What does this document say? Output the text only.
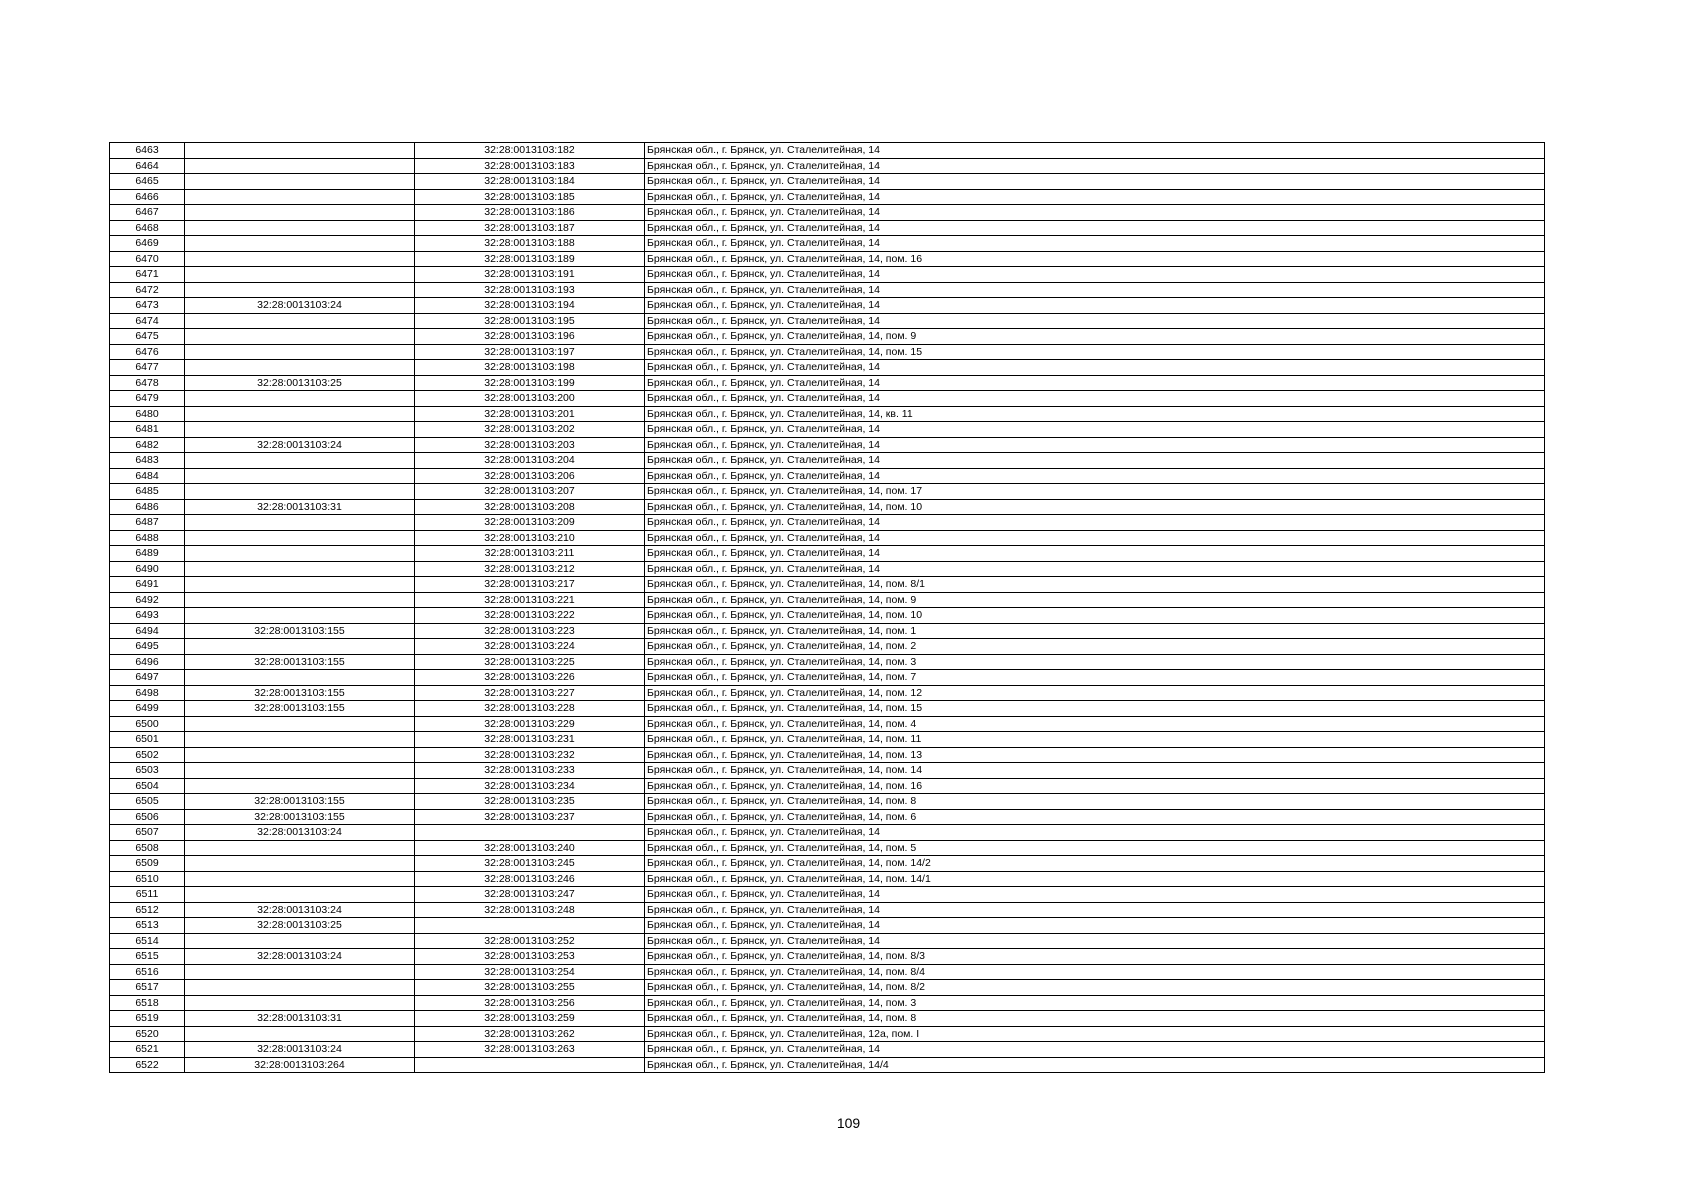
6463		32:28:0013103:182	Брянская обл., г. Брянск, ул. Сталелитейная, 14
6464		32:28:0013103:183	Брянская обл., г. Брянск, ул. Сталелитейная, 14
6465		32:28:0013103:184	Брянская обл., г. Брянск, ул. Сталелитейная, 14
6466		32:28:0013103:185	Брянская обл., г. Брянск, ул. Сталелитейная, 14
6467		32:28:0013103:186	Брянская обл., г. Брянск, ул. Сталелитейная, 14
6468		32:28:0013103:187	Брянская обл., г. Брянск, ул. Сталелитейная, 14
6469		32:28:0013103:188	Брянская обл., г. Брянск, ул. Сталелитейная, 14
6470		32:28:0013103:189	Брянская обл., г. Брянск, ул. Сталелитейная, 14, пом. 16
6471		32:28:0013103:191	Брянская обл., г. Брянск, ул. Сталелитейная, 14
6472		32:28:0013103:193	Брянская обл., г. Брянск, ул. Сталелитейная, 14
6473	32:28:0013103:24	32:28:0013103:194	Брянская обл., г. Брянск, ул. Сталелитейная, 14
6474		32:28:0013103:195	Брянская обл., г. Брянск, ул. Сталелитейная, 14
6475		32:28:0013103:196	Брянская обл., г. Брянск, ул. Сталелитейная, 14, пом. 9
6476		32:28:0013103:197	Брянская обл., г. Брянск, ул. Сталелитейная, 14, пом. 15
6477		32:28:0013103:198	Брянская обл., г. Брянск, ул. Сталелитейная, 14
6478	32:28:0013103:25	32:28:0013103:199	Брянская обл., г. Брянск, ул. Сталелитейная, 14
6479		32:28:0013103:200	Брянская обл., г. Брянск, ул. Сталелитейная, 14
6480		32:28:0013103:201	Брянская обл., г. Брянск, ул. Сталелитейная, 14, кв. 11
6481		32:28:0013103:202	Брянская обл., г. Брянск, ул. Сталелитейная, 14
6482	32:28:0013103:24	32:28:0013103:203	Брянская обл., г. Брянск, ул. Сталелитейная, 14
6483		32:28:0013103:204	Брянская обл., г. Брянск, ул. Сталелитейная, 14
6484		32:28:0013103:206	Брянская обл., г. Брянск, ул. Сталелитейная, 14
6485		32:28:0013103:207	Брянская обл., г. Брянск, ул. Сталелитейная, 14, пом. 17
6486	32:28:0013103:31	32:28:0013103:208	Брянская обл., г. Брянск, ул. Сталелитейная, 14, пом. 10
6487		32:28:0013103:209	Брянская обл., г. Брянск, ул. Сталелитейная, 14
6488		32:28:0013103:210	Брянская обл., г. Брянск, ул. Сталелитейная, 14
6489		32:28:0013103:211	Брянская обл., г. Брянск, ул. Сталелитейная, 14
6490		32:28:0013103:212	Брянская обл., г. Брянск, ул. Сталелитейная, 14
6491		32:28:0013103:217	Брянская обл., г. Брянск, ул. Сталелитейная, 14, пом. 8/1
6492		32:28:0013103:221	Брянская обл., г. Брянск, ул. Сталелитейная, 14, пом. 9
6493		32:28:0013103:222	Брянская обл., г. Брянск, ул. Сталелитейная, 14, пом. 10
6494	32:28:0013103:155	32:28:0013103:223	Брянская обл., г. Брянск, ул. Сталелитейная, 14, пом. 1
6495		32:28:0013103:224	Брянская обл., г. Брянск, ул. Сталелитейная, 14, пом. 2
6496	32:28:0013103:155	32:28:0013103:225	Брянская обл., г. Брянск, ул. Сталелитейная, 14, пом. 3
6497		32:28:0013103:226	Брянская обл., г. Брянск, ул. Сталелитейная, 14, пом. 7
6498	32:28:0013103:155	32:28:0013103:227	Брянская обл., г. Брянск, ул. Сталелитейная, 14, пом. 12
6499	32:28:0013103:155	32:28:0013103:228	Брянская обл., г. Брянск, ул. Сталелитейная, 14, пом. 15
6500		32:28:0013103:229	Брянская обл., г. Брянск, ул. Сталелитейная, 14, пом. 4
6501		32:28:0013103:231	Брянская обл., г. Брянск, ул. Сталелитейная, 14, пом. 11
6502		32:28:0013103:232	Брянская обл., г. Брянск, ул. Сталелитейная, 14, пом. 13
6503		32:28:0013103:233	Брянская обл., г. Брянск, ул. Сталелитейная, 14, пом. 14
6504		32:28:0013103:234	Брянская обл., г. Брянск, ул. Сталелитейная, 14, пом. 16
6505	32:28:0013103:155	32:28:0013103:235	Брянская обл., г. Брянск, ул. Сталелитейная, 14, пом. 8
6506	32:28:0013103:155	32:28:0013103:237	Брянская обл., г. Брянск, ул. Сталелитейная, 14, пом. 6
6507	32:28:0013103:24		Брянская обл., г. Брянск, ул. Сталелитейная, 14
6508		32:28:0013103:240	Брянская обл., г. Брянск, ул. Сталелитейная, 14, пом. 5
6509		32:28:0013103:245	Брянская обл., г. Брянск, ул. Сталелитейная, 14, пом. 14/2
6510		32:28:0013103:246	Брянская обл., г. Брянск, ул. Сталелитейная, 14, пом. 14/1
6511		32:28:0013103:247	Брянская обл., г. Брянск, ул. Сталелитейная, 14
6512	32:28:0013103:24	32:28:0013103:248	Брянская обл., г. Брянск, ул. Сталелитейная, 14
6513	32:28:0013103:25		Брянская обл., г. Брянск, ул. Сталелитейная, 14
6514		32:28:0013103:252	Брянская обл., г. Брянск, ул. Сталелитейная, 14
6515	32:28:0013103:24	32:28:0013103:253	Брянская обл., г. Брянск, ул. Сталелитейная, 14, пом. 8/3
6516		32:28:0013103:254	Брянская обл., г. Брянск, ул. Сталелитейная, 14, пом. 8/4
6517		32:28:0013103:255	Брянская обл., г. Брянск, ул. Сталелитейная, 14, пом. 8/2
6518		32:28:0013103:256	Брянская обл., г. Брянск, ул. Сталелитейная, 14, пом. 3
6519	32:28:0013103:31	32:28:0013103:259	Брянская обл., г. Брянск, ул. Сталелитейная, 14, пом. 8
6520		32:28:0013103:262	Брянская обл., г. Брянск, ул. Сталелитейная, 12а, пом. I
6521	32:28:0013103:24	32:28:0013103:263	Брянская обл., г. Брянск, ул. Сталелитейная, 14
6522	32:28:0013103:264		Брянская обл., г. Брянск, ул. Сталелитейная, 14/4
109
